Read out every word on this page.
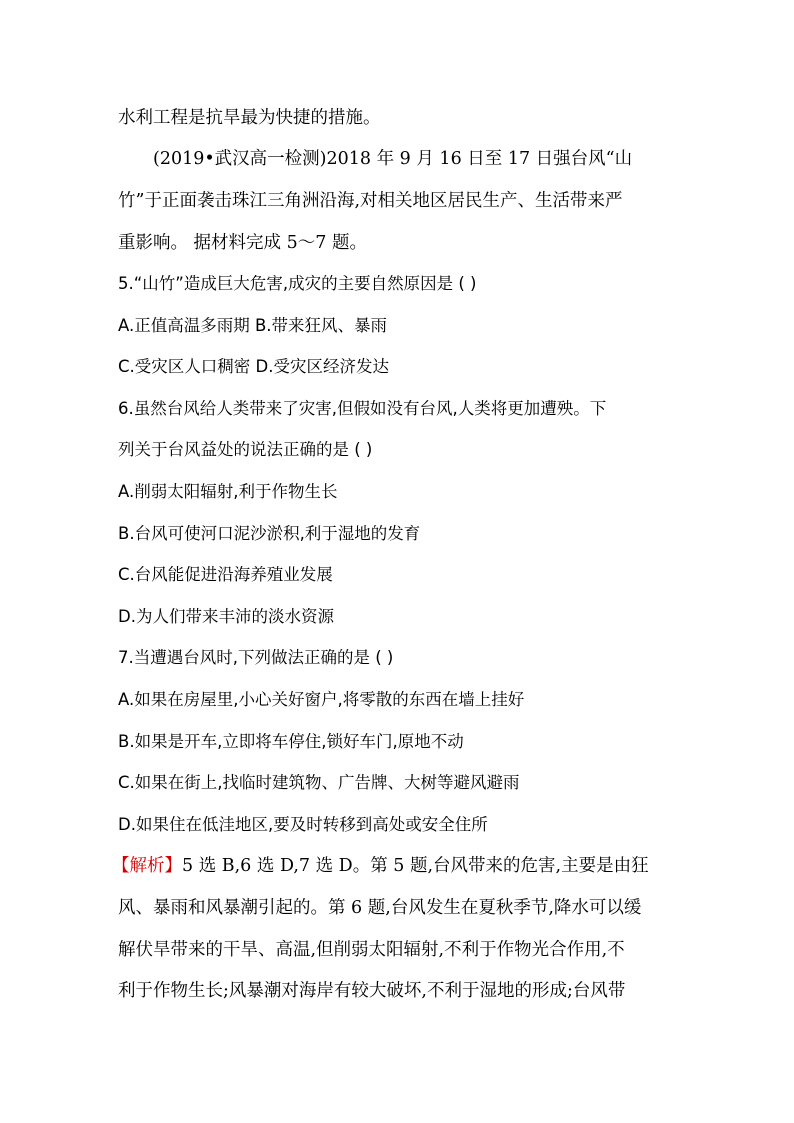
水利工程是抗旱最为快捷的措施。
(2019•武汉高一检测)2018 年 9 月 16 日至 17 日强台风“山
竹”于正面袭击珠江三角洲沿海,对相关地区居民生产、生活带来严
重影响。 据材料完成 5～7 题。
5.“山竹”造成巨大危害,成灾的主要自然原因是 ( )
A.正值高温多雨期 B.带来狂风、暴雨
C.受灾区人口稠密 D.受灾区经济发达
6.虽然台风给人类带来了灾害,但假如没有台风,人类将更加遭殃。下
列关于台风益处的说法正确的是 ( )
A.削弱太阳辐射,利于作物生长
B.台风可使河口泥沙淤积,利于湿地的发育
C.台风能促进沿海养殖业发展
D.为人们带来丰沛的淡水资源
7.当遭遇台风时,下列做法正确的是 ( )
A.如果在房屋里,小心关好窗户,将零散的东西在墙上挂好
B.如果是开车,立即将车停住,锁好车门,原地不动
C.如果在街上,找临时建筑物、广告牌、大树等避风避雨
D.如果住在低洼地区,要及时转移到高处或安全住所
【解析】5 选 B,6 选 D,7 选 D。第 5 题,台风带来的危害,主要是由狂
风、暴雨和风暴潮引起的。第 6 题,台风发生在夏秋季节,降水可以缓
解伏旱带来的干旱、高温,但削弱太阳辐射,不利于作物光合作用,不
利于作物生长;风暴潮对海岸有较大破坏,不利于湿地的形成;台风带
